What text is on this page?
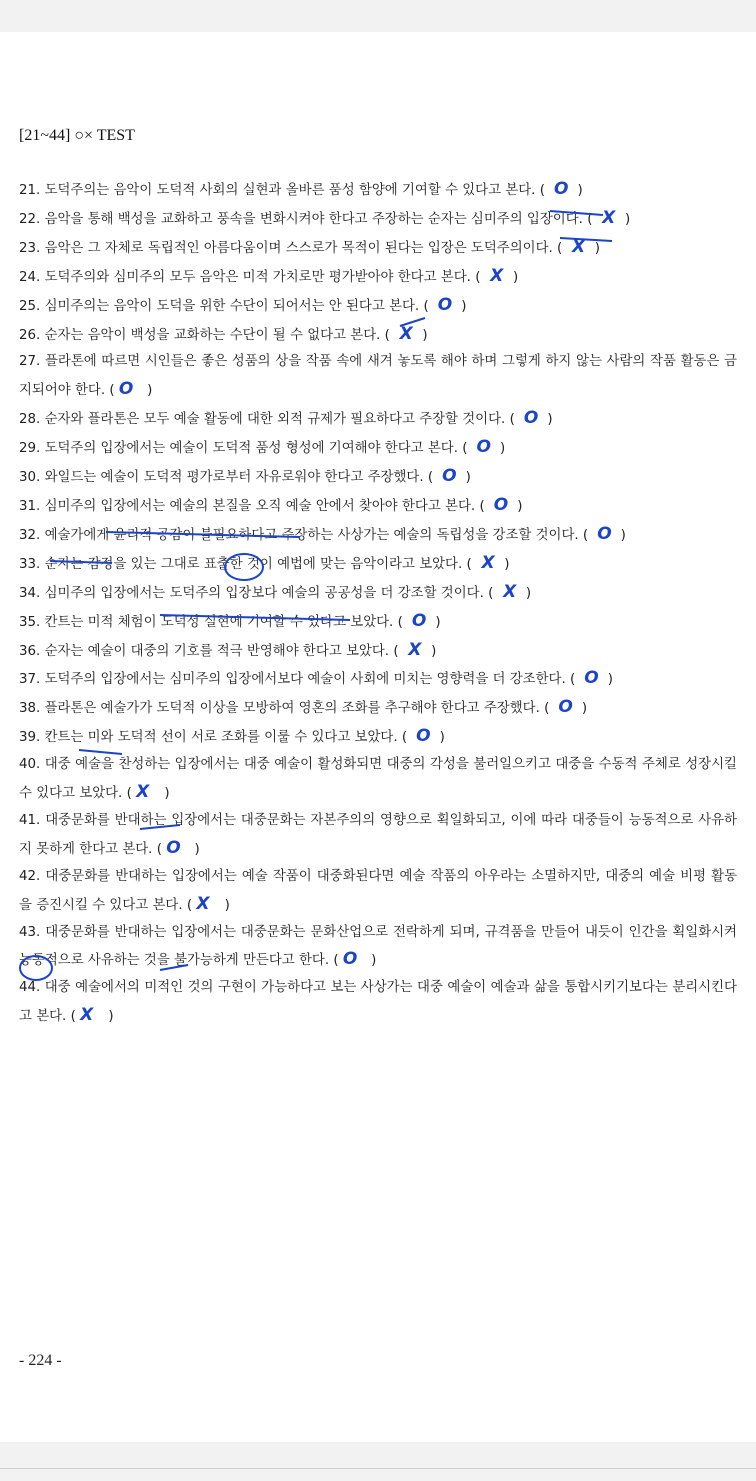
[21~44] ○× TEST
21. 도덕주의는 음악이 도덕적 사회의 실현과 올바른 품성 함양에 기여할 수 있다고 본다. ( O )
22. 음악을 통해 백성을 교화하고 풍속을 변화시켜야 한다고 주장하는 순자는 심미주의 입장이다. ( X )
23. 음악은 그 자체로 독립적인 아름다움이며 스스로가 목적이 된다는 입장은 도덕주의이다. ( X )
24. 도덕주의와 심미주의 모두 음악은 미적 가치로만 평가받아야 한다고 본다. ( X )
25. 심미주의는 음악이 도덕을 위한 수단이 되어서는 안 된다고 본다. ( O )
26. 순자는 음악이 백성을 교화하는 수단이 될 수 없다고 본다. ( X )
27. 플라톤에 따르면 시인들은 좋은 성품의 상을 작품 속에 새겨 놓도록 해야 하며 그렇게 하지 않는 사람의 작품 활동은 금지되어야 한다. ( O )
28. 순자와 플라톤은 모두 예술 활동에 대한 외적 규제가 필요하다고 주장할 것이다. ( O )
29. 도덕주의 입장에서는 예술이 도덕적 품성 형성에 기여해야 한다고 본다. ( O )
30. 와일드는 예술이 도덕적 평가로부터 자유로워야 한다고 주장했다. ( O )
31. 심미주의 입장에서는 예술의 본질을 오직 예술 안에서 찾아야 한다고 본다. ( O )
32. 예술가에게 윤리적 공감이 불필요하다고 주장하는 사상가는 예술의 독립성을 강조할 것이다. ( O )
33. 순자는 감정을 있는 그대로 표출한 것이 예법에 맞는 음악이라고 보았다. ( X )
34. 심미주의 입장에서는 도덕주의 입장보다 예술의 공공성을 더 강조할 것이다. ( X )
35. 칸트는 미적 체험이 도덕성 실현에 기여할 수 있다고 보았다. ( O )
36. 순자는 예술이 대중의 기호를 적극 반영해야 한다고 보았다. ( X )
37. 도덕주의 입장에서는 심미주의 입장에서보다 예술이 사회에 미치는 영향력을 더 강조한다. ( O )
38. 플라톤은 예술가가 도덕적 이상을 모방하여 영혼의 조화를 추구해야 한다고 주장했다. ( O )
39. 칸트는 미와 도덕적 선이 서로 조화를 이룰 수 있다고 보았다. ( O )
40. 대중 예술을 찬성하는 입장에서는 대중 예술이 활성화되면 대중의 각성을 불러일으키고 대중을 수동적 주체로 성장시킬 수 있다고 보았다. ( X )
41. 대중문화를 반대하는 입장에서는 대중문화는 자본주의의 영향으로 획일화되고, 이에 따라 대중들이 능동적으로 사유하지 못하게 한다고 본다. ( O )
42. 대중문화를 반대하는 입장에서는 예술 작품이 대중화된다면 예술 작품의 아우라는 소멸하지만, 대중의 예술 비평 활동을 증진시킬 수 있다고 본다. ( X )
43. 대중문화를 반대하는 입장에서는 대중문화는 문화산업으로 전락하게 되며, 규격품을 만들어 내듯이 인간을 획일화시켜 능동적으로 사유하는 것을 불가능하게 만든다고 한다. ( O )
44. 대중 예술에서의 미적인 것의 구현이 가능하다고 보는 사상가는 대중 예술이 예술과 삶을 통합시키기보다는 분리시킨다고 본다. ( X )
- 224 -
